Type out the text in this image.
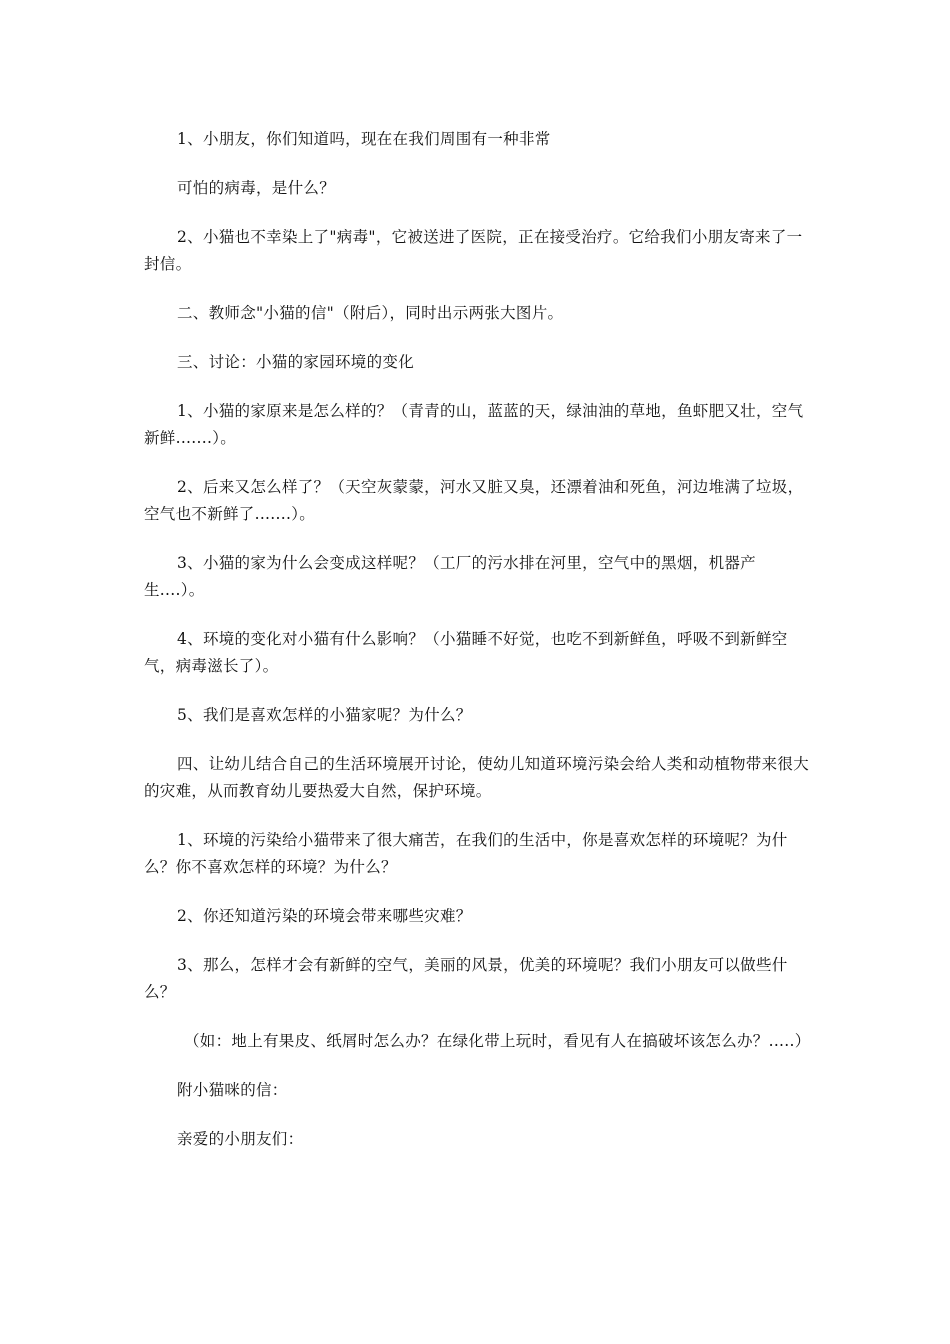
1、小朋友，你们知道吗，现在在我们周围有一种非常

可怕的病毒，是什么？

2、小猫也不幸染上了"病毒"，它被送进了医院，正在接受治疗。它给我们小朋友寄来了一封信。

二、教师念"小猫的信"（附后），同时出示两张大图片。

三、讨论：小猫的家园环境的变化

1、小猫的家原来是怎么样的？（青青的山，蓝蓝的天，绿油油的草地，鱼虾肥又壮，空气新鲜.......）。

2、后来又怎么样了？（天空灰蒙蒙，河水又脏又臭，还漂着油和死鱼，河边堆满了垃圾，空气也不新鲜了.......）。

3、小猫的家为什么会变成这样呢？（工厂的污水排在河里，空气中的黑烟，机器产生....）。

4、环境的变化对小猫有什么影响？（小猫睡不好觉，也吃不到新鲜鱼，呼吸不到新鲜空气，病毒滋长了）。

5、我们是喜欢怎样的小猫家呢？为什么？

四、让幼儿结合自己的生活环境展开讨论，使幼儿知道环境污染会给人类和动植物带来很大的灾难，从而教育幼儿要热爱大自然，保护环境。

1、环境的污染给小猫带来了很大痛苦，在我们的生活中，你是喜欢怎样的环境呢？为什么？你不喜欢怎样的环境？为什么？

2、你还知道污染的环境会带来哪些灾难？

3、那么，怎样才会有新鲜的空气，美丽的风景，优美的环境呢？我们小朋友可以做些什么？

（如：地上有果皮、纸屑时怎么办？在绿化带上玩时，看见有人在搞破坏该怎么办？.....）

附小猫咪的信：

亲爱的小朋友们：
